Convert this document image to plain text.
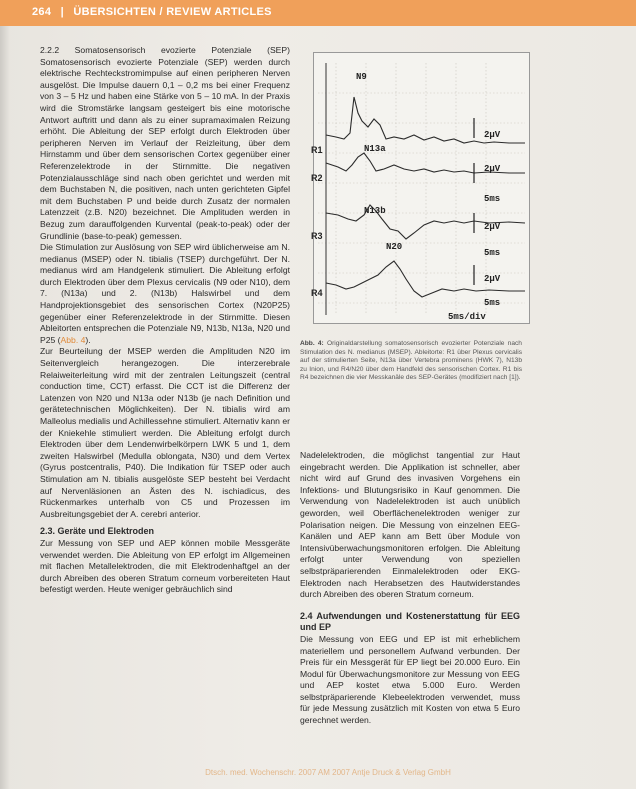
264 | ÜBERSICHTEN / REVIEW ARTICLES

2.2.2 Somatosensorisch evozierte Potenziale (SEP) Somatosensorisch evozierte Potenziale (SEP) werden durch elektrische Rechteckstromimpulse auf einen peripheren Nerven ausgelöst. Die Impulse dauern 0,1 – 0,2 ms bei einer Frequenz von 3 – 5 Hz und haben eine Stärke von 5 – 10 mA. In der Praxis wird die Stromstärke langsam gesteigert bis eine motorische Antwort auftritt und dann als zu einer supramaximalen Reizung erhöht. Die Ableitung der SEP erfolgt durch Elektroden über peripheren Nerven im Verlauf der Reizleitung, über dem Hirnstamm und über dem sensorischen Cortex gegenüber einer Referenzelektrode in der Stirnmitte. Die negativen Potenzialausschläge sind nach oben gerichtet und werden mit dem Buchstaben N, die positiven, nach unten gerichteten Gipfel mit dem Buchstaben P und beide durch Zusatz der normalen Latenzzeit (z.B. N20) bezeichnet. Die Amplituden werden in Bezug zum darauffolgenden Kurvental (peak-to-peak) oder der Grundlinie (base-to-peak) gemessen.

Die Stimulation zur Auslösung von SEP wird üblicherweise am N. medianus (MSEP) oder N. tibialis (TSEP) durchgeführt. Der N. medianus wird am Handgelenk stimuliert. Die Ableitung erfolgt durch Elektroden über dem Plexus cervicalis (N9 oder N10), dem 7. (N13a) und 2. (N13b) Halswirbel und dem Handprojektionsgebiet des sensorischen Cortex (N20P25) gegenüber einer Referenzelektrode in der Stirnmitte. Diesen Ableitorten entsprechen die Potenziale N9, N13b, N13a, N20 und P25 (Abb. 4).

Zur Beurteilung der MSEP werden die Amplituden N20 im Seitenvergleich herangezogen. Die interzerebrale Relaiweiterleitung wird mit der zentralen Leitungszeit (central conduction time, CCT) erfasst. Die CCT ist die Differenz der Latenzen von N20 und N13a oder N13b (je nach Definition und gerätetechnischen Möglichkeiten). Der N. tibialis wird am Malleolus medialis und Achillessehne stimuliert. Alternativ kann er der Kniekehle stimuliert werden. Die Ableitung erfolgt durch Elektroden über dem Lendenwirbelkörpern LWK 5 und 1, dem zweiten Halswirbel (Medulla oblongata, N30) und dem Vertex (Gyrus postcentralis, P40). Die Indikation für TSEP oder auch Stimulation am N. tibialis ausgelöste SEP besteht bei Verdacht auf Nervenläsionen an Ästen des N. ischiadicus, des Rückenmarkes unterhalb von C5 und Prozessen im Ausbreitungsgebiet der A. cerebri anterior.

2.3. Geräte und Elektroden

Zur Messung von SEP und AEP können mobile Messgeräte verwendet werden. Die Ableitung von EP erfolgt im Allgemeinen mit flachen Metallelektroden, die mit Elektrodenhaftgel an der durch Abreiben des oberen Stratum corneum vorbereiteten Haut befestigt werden. Heute weniger gebräuchlich sind

R1
R2
R3
R4
N9
N13a
N13b
N20
2µV
2µV
5ms
2µV
5ms
2µV
5ms
5ms/div
Abb. 4: Originaldarstellung somatosensorisch evozierter Potenziale nach Stimulation des N. medianus (MSEP). Ableitorte: R1 über Plexus cervicalis auf der stimulierten Seite, N13a über Vertebra prominens (HWK 7), N13b zu Inion, und R4/N20 über dem Handfeld des sensorischen Cortex. R1 bis R4 bezeichnen die vier Messkanäle des SEP-Gerätes (modifiziert nach [1]).

Nadelelektroden, die möglichst tangential zur Haut eingebracht werden. Die Applikation ist schneller, aber nicht wird auf Grund des invasiven Vorgehens ein Infektions- und Blutungsrisiko in Kauf genommen. Die Verwendung von Nadelelektroden ist auch unüblich geworden, weil Oberflächenelektroden weniger zur Polarisation neigen. Die Messung von einzelnen EEG-Kanälen und AEP kann am Bett über Module von Intensivüberwachungsmonitoren erfolgen. Die Ableitung erfolgt unter Verwendung von speziellen selbstpräparierenden Einmalelektroden oder EKG-Elektroden nach Herabsetzen des Hautwiderstandes durch Abreiben des oberen Stratum corneum.

2.4 Aufwendungen und Kostenerstattung für EEG und EP

Die Messung von EEG und EP ist mit erheblichem materiellem und personellem Aufwand verbunden. Der Preis für ein Messgerät für EP liegt bei 20.000 Euro. Ein Modul für Überwachungsmonitore zur Messung von EEG und AEP kostet etwa 5.000 Euro. Werden selbstpräparierende Klebeelektroden verwendet, muss für jede Messung zusätzlich mit Kosten von etwa 5 Euro gerechnet werden.

Dtsch. med. Wochenschr. 2007 AM 2007 Antje Druck & Verlag GmbH
